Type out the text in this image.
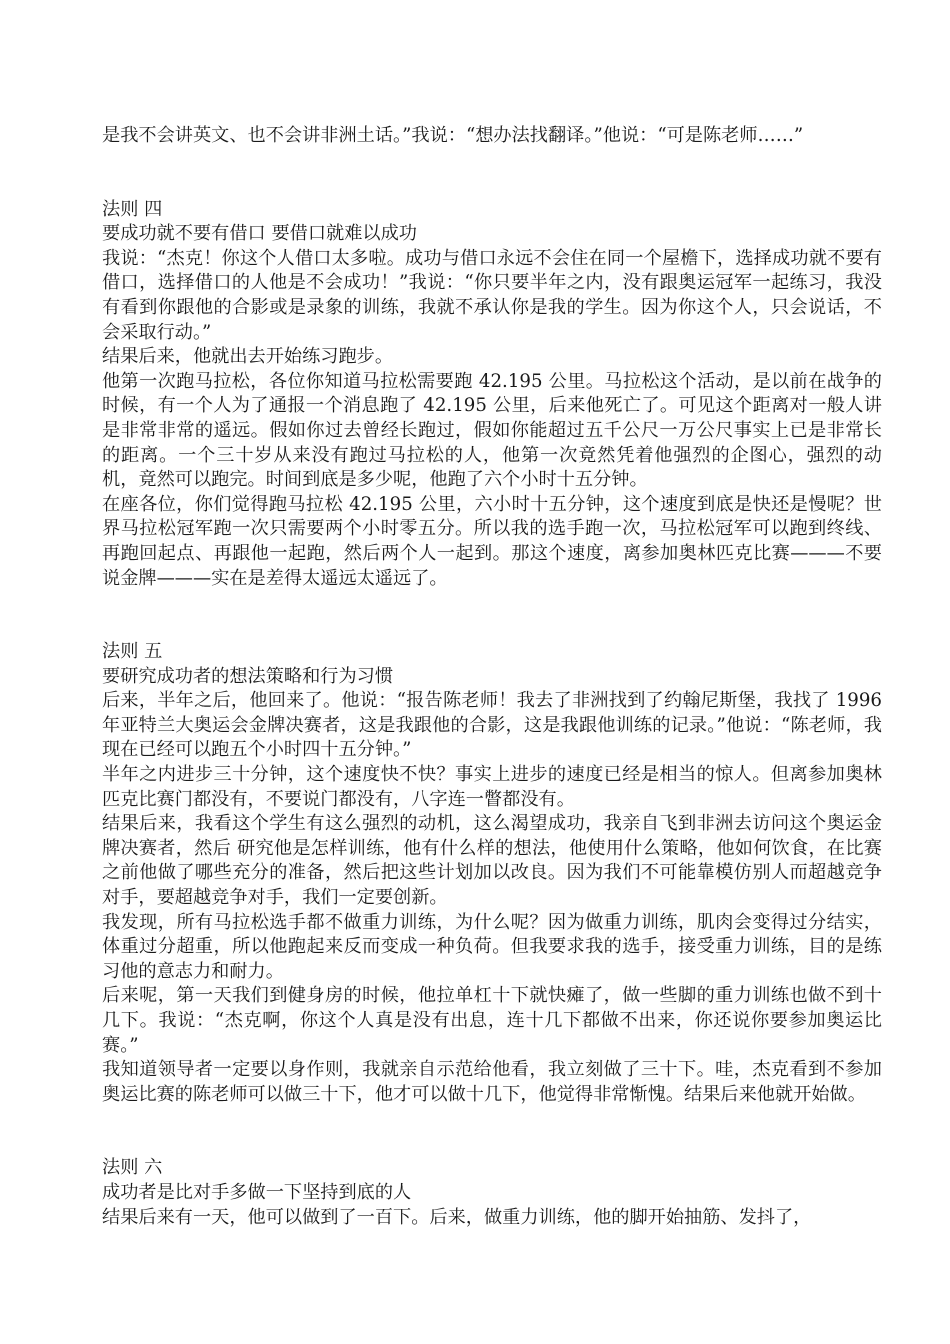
是我不会讲英文、也不会讲非洲土话。”我说：“想办法找翻译。”他说：“可是陈老师……”

法则 四

要成功就不要有借口 要借口就难以成功

我说：“杰克！你这个人借口太多啦。成功与借口永远不会住在同一个屋檐下，选择成功就不要有借口，选择借口的人他是不会成功！”我说：“你只要半年之内，没有跟奥运冠军一起练习，我没有看到你跟他的合影或是录象的训练，我就不承认你是我的学生。因为你这个人，只会说话，不会采取行动。”

结果后来，他就出去开始练习跑步。

他第一次跑马拉松，各位你知道马拉松需要跑 42.195 公里。马拉松这个活动，是以前在战争的时候，有一个人为了通报一个消息跑了 42.195 公里，后来他死亡了。可见这个距离对一般人讲是非常非常的遥远。假如你过去曾经长跑过，假如你能超过五千公尺一万公尺事实上已是非常长的距离。一个三十岁从来没有跑过马拉松的人，他第一次竟然凭着他强烈的企图心，强烈的动机，竟然可以跑完。时间到底是多少呢，他跑了六个小时十五分钟。

在座各位，你们觉得跑马拉松 42.195 公里，六小时十五分钟，这个速度到底是快还是慢呢？世界马拉松冠军跑一次只需要两个小时零五分。所以我的选手跑一次，马拉松冠军可以跑到终线、再跑回起点、再跟他一起跑，然后两个人一起到。那这个速度，离参加奥林匹克比赛———不要说金牌———实在是差得太遥远太遥远了。

法则 五

要研究成功者的想法策略和行为习惯

后来，半年之后，他回来了。他说：“报告陈老师！我去了非洲找到了约翰尼斯堡，我找了 1996 年亚特兰大奥运会金牌决赛者，这是我跟他的合影，这是我跟他训练的记录。”他说：“陈老师，我现在已经可以跑五个小时四十五分钟。”

半年之内进步三十分钟，这个速度快不快？事实上进步的速度已经是相当的惊人。但离参加奥林匹克比赛门都没有，不要说门都没有，八字连一瞥都没有。

结果后来，我看这个学生有这么强烈的动机，这么渴望成功，我亲自飞到非洲去访问这个奥运金牌决赛者，然后 研究他是怎样训练，他有什么样的想法，他使用什么策略，他如何饮食，在比赛之前他做了哪些充分的准备，然后把这些计划加以改良。因为我们不可能靠模仿别人而超越竞争对手，要超越竞争对手，我们一定要创新。

我发现，所有马拉松选手都不做重力训练，为什么呢？因为做重力训练，肌肉会变得过分结实，体重过分超重，所以他跑起来反而变成一种负荷。但我要求我的选手，接受重力训练，目的是练习他的意志力和耐力。

后来呢，第一天我们到健身房的时候，他拉单杠十下就快瘫了，做一些脚的重力训练也做不到十几下。我说：“杰克啊，你这个人真是没有出息，连十几下都做不出来，你还说你要参加奥运比赛。”

我知道领导者一定要以身作则，我就亲自示范给他看，我立刻做了三十下。哇，杰克看到不参加奥运比赛的陈老师可以做三十下，他才可以做十几下，他觉得非常惭愧。结果后来他就开始做。

法则 六

成功者是比对手多做一下坚持到底的人

结果后来有一天，他可以做到了一百下。后来，做重力训练，他的脚开始抽筋、发抖了，
